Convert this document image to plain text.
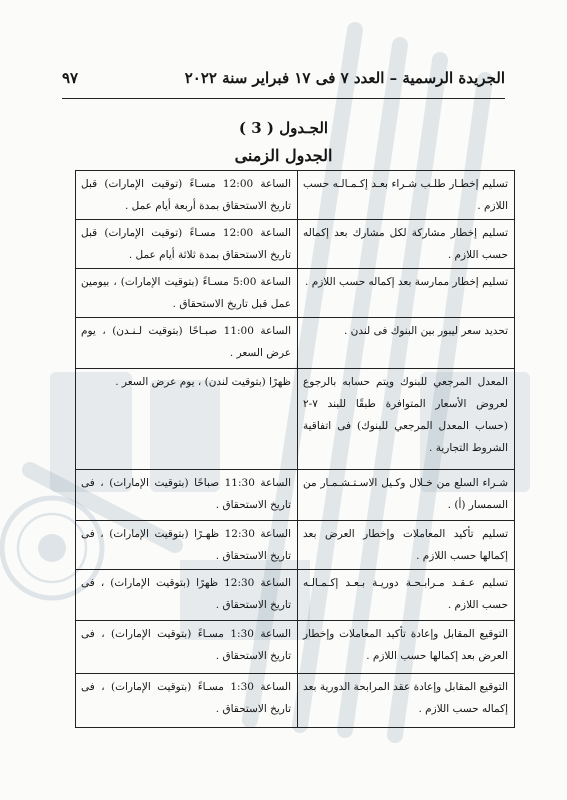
الجريدة الرسمية – العدد ٧ فى ١٧ فبراير سنة ٢٠٢٢
٩٧
الجـدول ( 3 )
الجدول الزمنى
تسليم إخطـار طلـب شـراء بعـد إكـمـالـه حسب اللازم .	الساعة 12:00 مسـاءً (توقيت الإمارات) قبل تاريخ الاستحقاق بمدة أربعة أيام عمل .
تسليم إخطار مشاركة لكل مشارك بعد إكماله حسب اللازم .	الساعة 12:00 مسـاءً (توقيت الإمارات) قبل تاريخ الاستحقاق بمدة ثلاثة أيام عمل .
تسليم إخطار ممارسة بعد إكماله حسب اللازم .	الساعة 5:00 مسـاءً (بتوقيت الإمارات) ، بيومين عمل قبل تاريخ الاستحقاق .
تحديد سعر ليبور بين البنوك فى لندن .	الساعة 11:00 صبـاحًا (بتوقيت لـنـدن) ، يوم عرض السعر .
المعدل المرجعي للبنوك ويتم حسابه بالرجوع لعروض الأسعار المتوافرة طبقًا للبند ٧-٢ (حساب المعدل المرجعي للبنوك) فى اتفاقية الشروط التجارية .	ظهرًا (بتوقيت لندن) ، يوم عرض السعر .
شـراء السلع من خـلال وكـيل الاسـتـشـمـار من السمسار (أ) .	الساعة 11:30 صباحًا (بتوقيت الإمارات) ، فى تاريخ الاستحقاق .
تسليم تأكيد المعاملات وإخطار العرض بعد إكمالها حسب اللازم .	الساعة 12:30 ظهـرًا (بتوقيت الإمارات) ، فى تاريخ الاستحقاق .
تسليم عـقـد مـرابـحـة دوريـة بـعـد إكـمـالـه حسب اللازم .	الساعة 12:30 ظهرًا (بتوقيت الإمارات) ، فى تاريخ الاستحقاق .
التوقيع المقابل وإعادة تأكيد المعاملات وإخطار العرض بعد إكمالها حسب اللازم .	الساعة 1:30 مسـاءً (بتوقيت الإمارات) ، فى تاريخ الاستحقاق .
التوقيع المقابل وإعادة عقد المرابحة الدورية بعد إكماله حسب اللازم .	الساعة 1:30 مسـاءً (بتوقيت الإمارات) ، فى تاريخ الاستحقاق .
